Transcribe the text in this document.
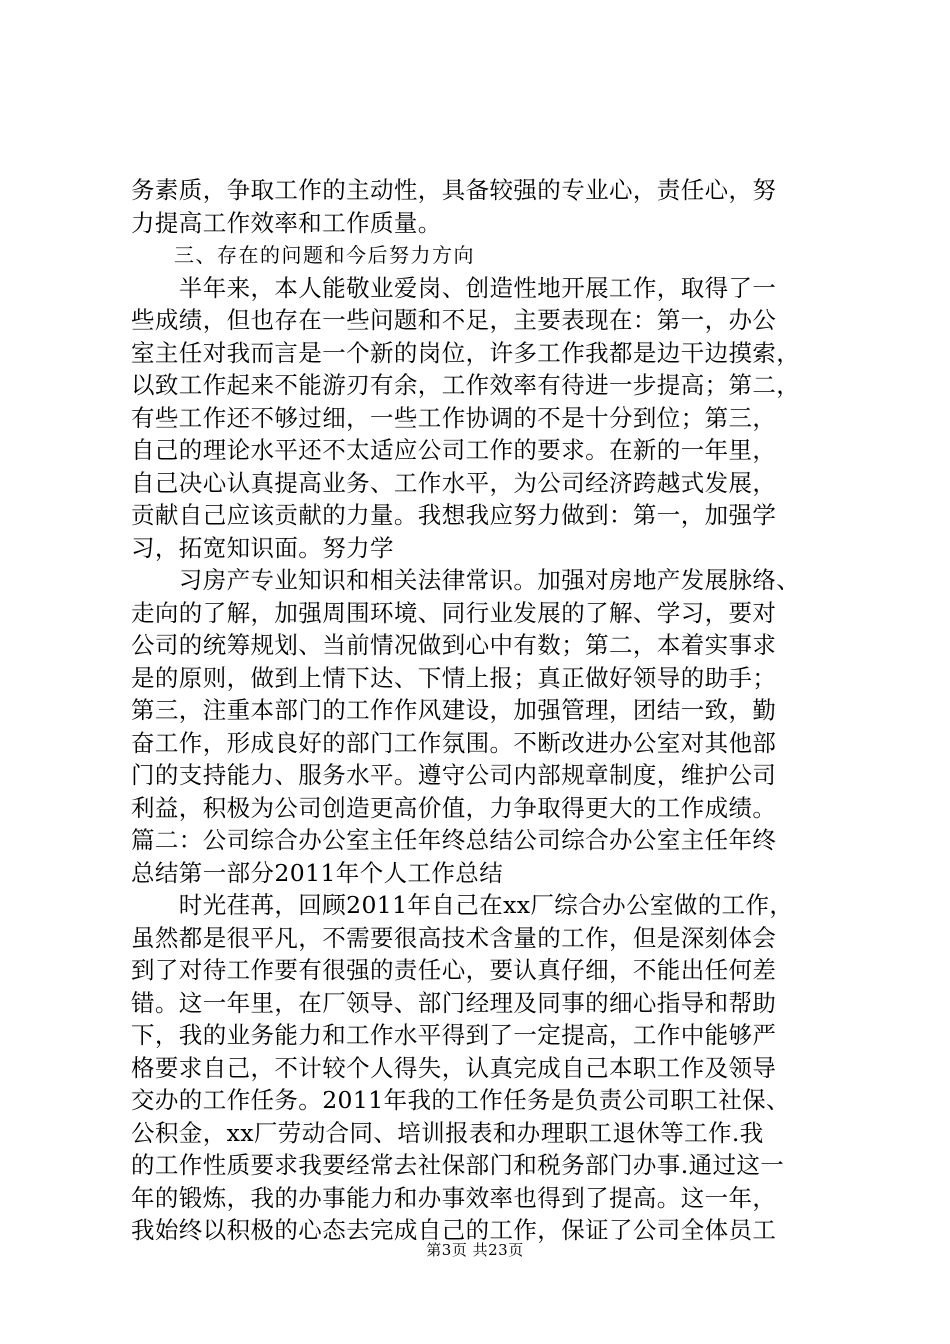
务素质，争取工作的主动性，具备较强的专业心，责任心，努
力提高工作效率和工作质量。
　　三、存在的问题和今后努力方向
　　半年来，本人能敬业爱岗、创造性地开展工作，取得了一
些成绩，但也存在一些问题和不足，主要表现在：第一，办公
室主任对我而言是一个新的岗位，许多工作我都是边干边摸索，
以致工作起来不能游刃有余，工作效率有待进一步提高；第二，
有些工作还不够过细，一些工作协调的不是十分到位；第三，
自己的理论水平还不太适应公司工作的要求。在新的一年里，
自己决心认真提高业务、工作水平，为公司经济跨越式发展，
贡献自己应该贡献的力量。我想我应努力做到：第一，加强学
习，拓宽知识面。努力学
　　习房产专业知识和相关法律常识。加强对房地产发展脉络、
走向的了解，加强周围环境、同行业发展的了解、学习，要对
公司的统筹规划、当前情况做到心中有数；第二，本着实事求
是的原则，做到上情下达、下情上报；真正做好领导的助手；
第三，注重本部门的工作作风建设，加强管理，团结一致，勤
奋工作，形成良好的部门工作氛围。不断改进办公室对其他部
门的支持能力、服务水平。遵守公司内部规章制度，维护公司
利益，积极为公司创造更高价值，力争取得更大的工作成绩。
篇二：公司综合办公室主任年终总结公司综合办公室主任年终
总结第一部分2011年个人工作总结
　　时光荏苒，回顾2011年自己在xx厂综合办公室做的工作，
虽然都是很平凡，不需要很高技术含量的工作，但是深刻体会
到了对待工作要有很强的责任心，要认真仔细，不能出任何差
错。这一年里，在厂领导、部门经理及同事的细心指导和帮助
下，我的业务能力和工作水平得到了一定提高，工作中能够严
格要求自己，不计较个人得失，认真完成自己本职工作及领导
交办的工作任务。2011年我的工作任务是负责公司职工社保、
公积金，xx厂劳动合同、培训报表和办理职工退休等工作.我
的工作性质要求我要经常去社保部门和税务部门办事.通过这一
年的锻炼，我的办事能力和办事效率也得到了提高。这一年，
我始终以积极的心态去完成自己的工作，保证了公司全体员工
第3页 共23页
